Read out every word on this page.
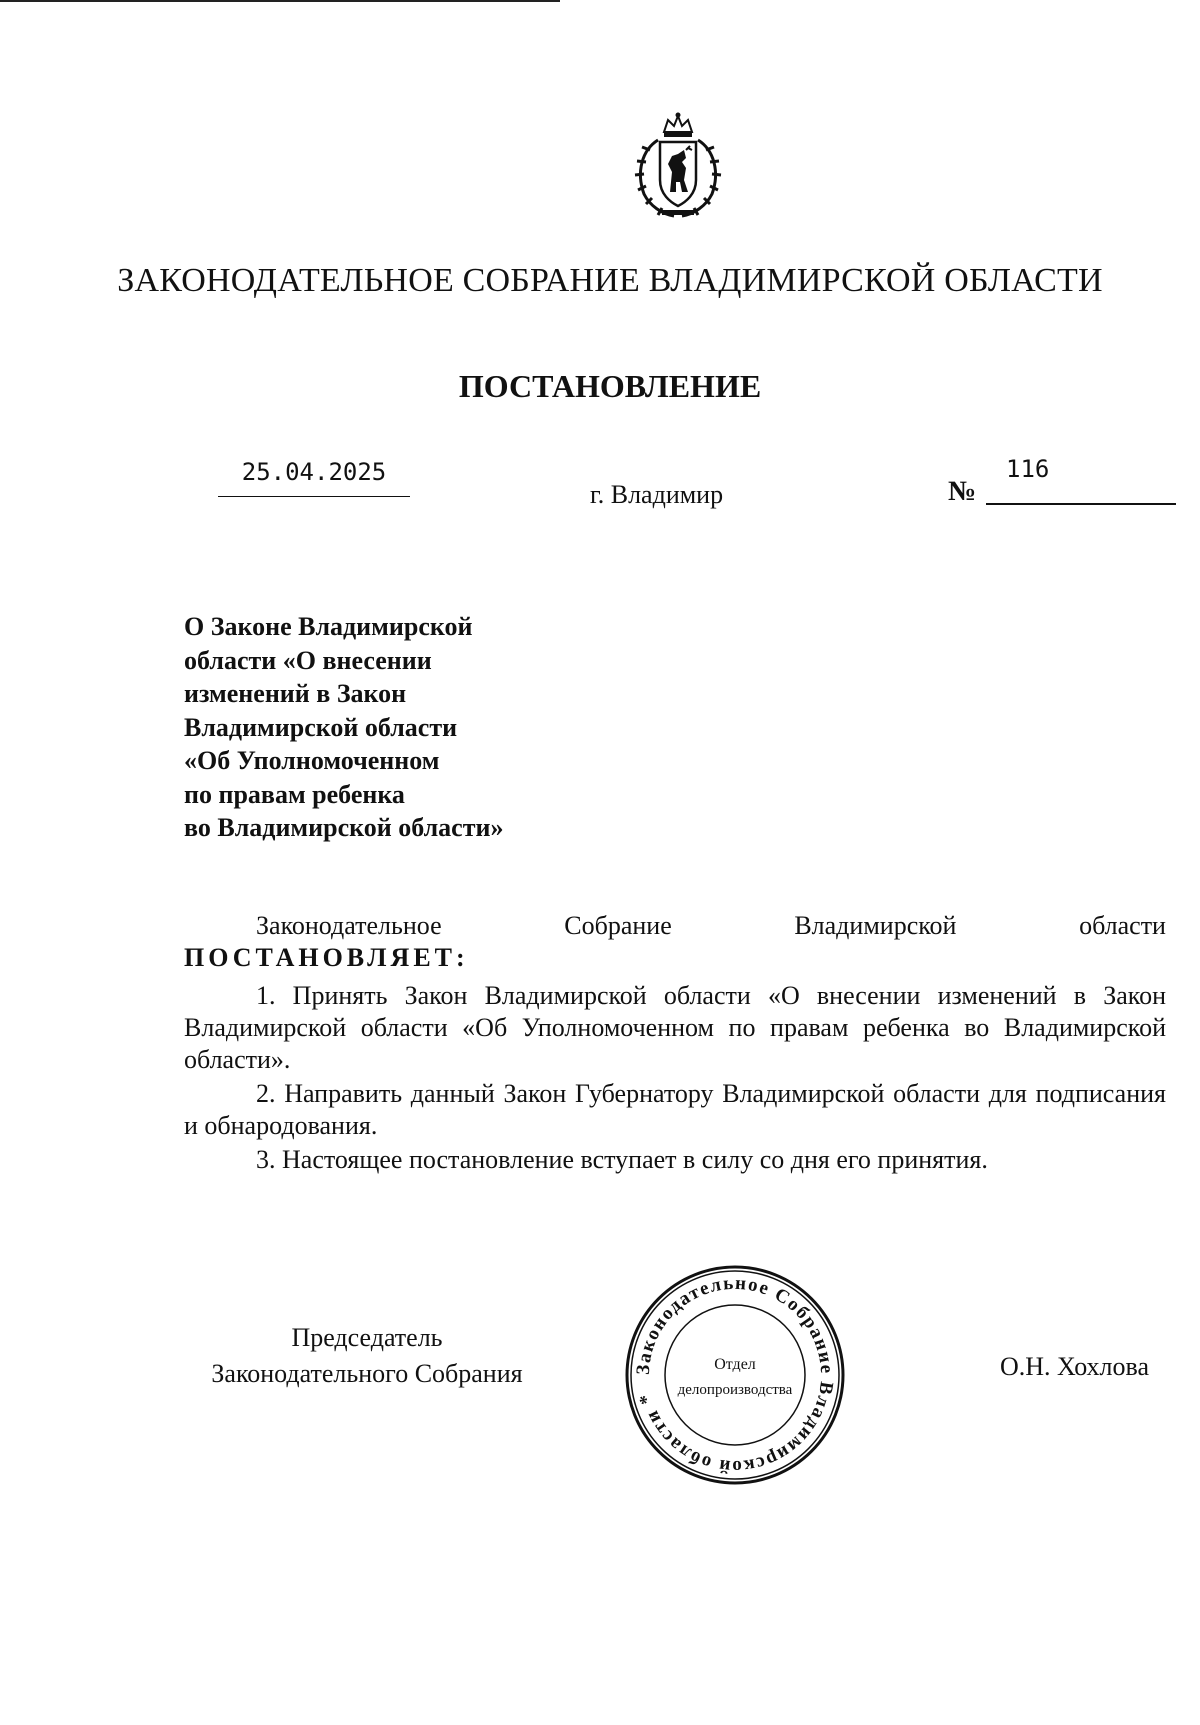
ЗАКОНОДАТЕЛЬНОЕ СОБРАНИЕ ВЛАДИМИРСКОЙ ОБЛАСТИ
ПОСТАНОВЛЕНИЕ
25.04.2025
г. Владимир
116
№
О Законе Владимирской
области «О внесении
изменений в Закон
Владимирской области
«Об Уполномоченном
по правам ребенка
во Владимирской области»
Законодательное	Собрание	Владимирской	области
ПОСТАНОВЛЯЕТ:

1. Принять Закон Владимирской области «О внесении изменений в Закон Владимирской области «Об Уполномоченном по правам ребенка во Владимирской области».

2. Направить данный Закон Губернатору Владимирской области для подписания и обнародования.

3. Настоящее постановление вступает в силу со дня его принятия.

Председатель
Законодательного Собрания	Законодательное Собрание Владимирской области *
Отдел
делопроизводства
О.Н. Хохлова
